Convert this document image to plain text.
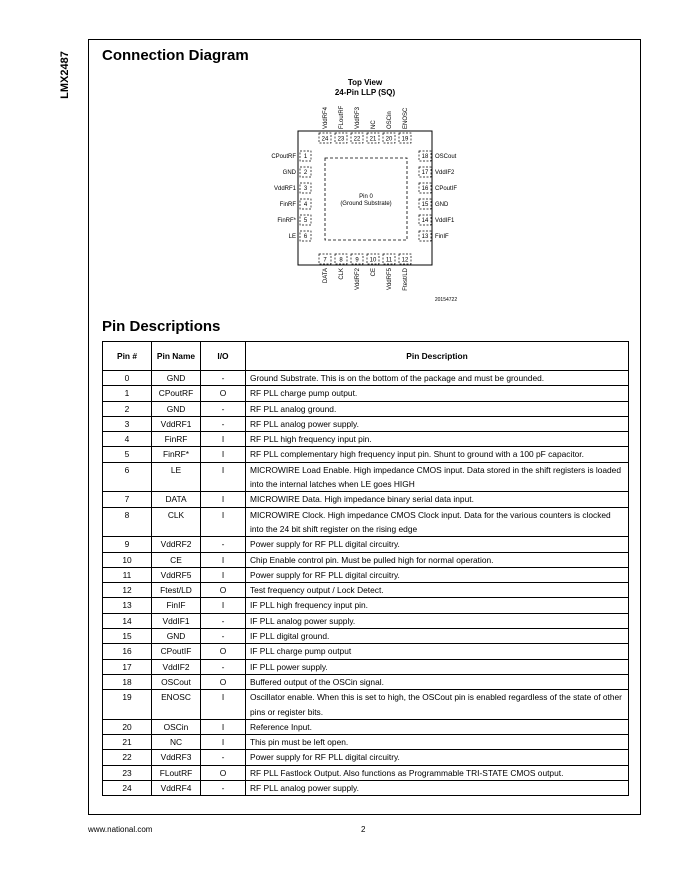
LMX2487 Connection Diagram
Top View
24-Pin LLP (SQ)
Pin 0
(Ground Substrate)
20154722
1
CPoutRF
2
GND
3
VddRF1
4
FinRF
5
FinRF*
6
LE
18 OSCout
17 VddIF2
16 CPoutIF
15 GND
14 VddIF1
13 FinIF
24
VddRF4
23
FLoutRF
22
VddRF3
21
NC
20
OSCin
19
ENOSC
7
DATA
8
CLK
9
VddRF2
10
CE
11
VddRF5
12
Ftest/LD
Pin Descriptions
Pin #	Pin Name	I/O	Pin Description
0	GND	-	Ground Substrate. This is on the bottom of the package and must be grounded.
1	CPoutRF	O	RF PLL charge pump output.
2	GND	-	RF PLL analog ground.
3	VddRF1	-	RF PLL analog power supply.
4	FinRF	I	RF PLL high frequency input pin.
5	FinRF*	I	RF PLL complementary high frequency input pin. Shunt to ground with a 100 pF capacitor.
6	LE	I	MICROWIRE Load Enable. High impedance CMOS input. Data stored in the shift registers is loaded into the internal latches when LE goes HIGH
7	DATA	I	MICROWIRE Data. High impedance binary serial data input.
8	CLK	I	MICROWIRE Clock. High impedance CMOS Clock input. Data for the various counters is clocked into the 24 bit shift register on the rising edge
9	VddRF2	-	Power supply for RF PLL digital circuitry.
10	CE	I	Chip Enable control pin. Must be pulled high for normal operation.
11	VddRF5	I	Power supply for RF PLL digital circuitry.
12	Ftest/LD	O	Test frequency output / Lock Detect.
13	FinIF	I	IF PLL high frequency input pin.
14	VddIF1	-	IF PLL analog power supply.
15	GND	-	IF PLL digital ground.
16	CPoutIF	O	IF PLL charge pump output
17	VddIF2	-	IF PLL power supply.
18	OSCout	O	Buffered output of the OSCin signal.
19	ENOSC	I	Oscillator enable. When this is set to high, the OSCout pin is enabled regardless of the state of other pins or register bits.
20	OSCin	I	Reference Input.
21	NC	I	This pin must be left open.
22	VddRF3	-	Power supply for RF PLL digital circuitry.
23	FLoutRF	O	RF PLL Fastlock Output. Also functions as Programmable TRI-STATE CMOS output.
24	VddRF4	-	RF PLL analog power supply.
www.national.com	2
